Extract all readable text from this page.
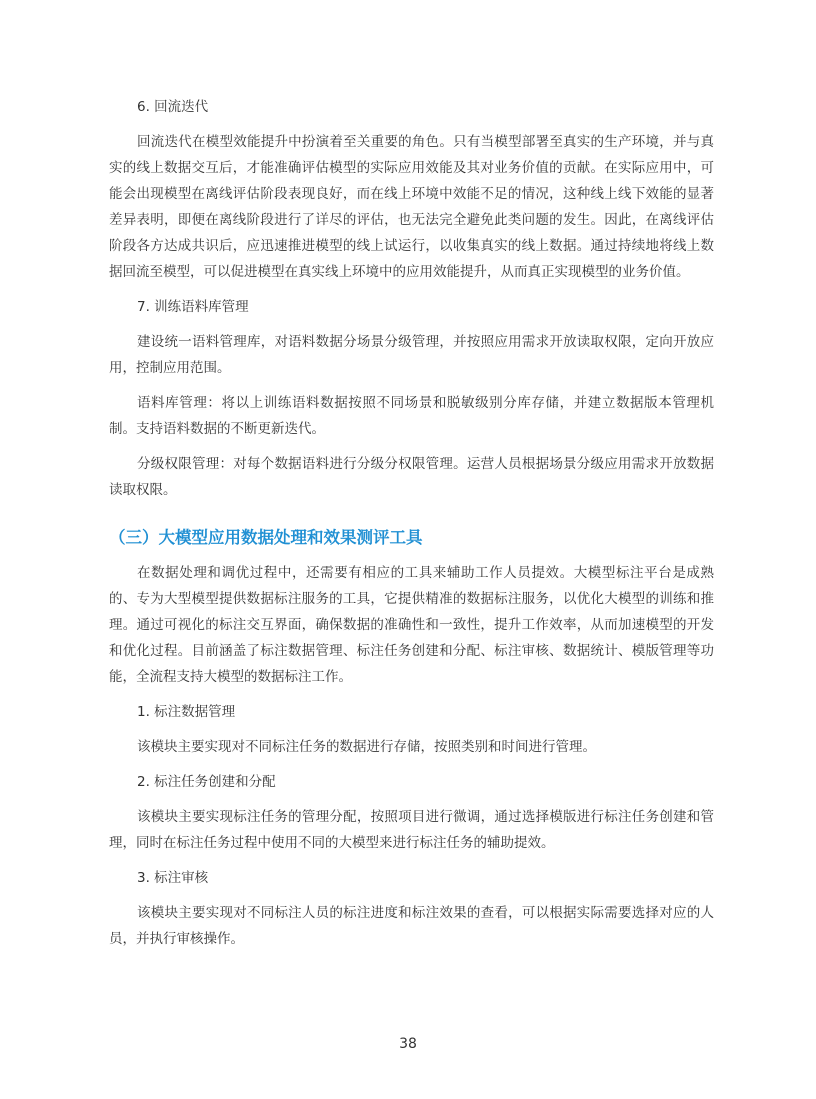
6. 回流迭代

回流迭代在模型效能提升中扮演着至关重要的角色。只有当模型部署至真实的生产环境，并与真实的线上数据交互后，才能准确评估模型的实际应用效能及其对业务价值的贡献。在实际应用中，可能会出现模型在离线评估阶段表现良好，而在线上环境中效能不足的情况，这种线上线下效能的显著差异表明，即便在离线阶段进行了详尽的评估，也无法完全避免此类问题的发生。因此，在离线评估阶段各方达成共识后，应迅速推进模型的线上试运行，以收集真实的线上数据。通过持续地将线上数据回流至模型，可以促进模型在真实线上环境中的应用效能提升，从而真正实现模型的业务价值。

7. 训练语料库管理

建设统一语料管理库，对语料数据分场景分级管理，并按照应用需求开放读取权限，定向开放应用，控制应用范围。

语料库管理：将以上训练语料数据按照不同场景和脱敏级别分库存储，并建立数据版本管理机制。支持语料数据的不断更新迭代。

分级权限管理：对每个数据语料进行分级分权限管理。运营人员根据场景分级应用需求开放数据读取权限。

（三）大模型应用数据处理和效果测评工具

在数据处理和调优过程中，还需要有相应的工具来辅助工作人员提效。大模型标注平台是成熟的、专为大型模型提供数据标注服务的工具，它提供精准的数据标注服务，以优化大模型的训练和推理。通过可视化的标注交互界面，确保数据的准确性和一致性，提升工作效率，从而加速模型的开发和优化过程。目前涵盖了标注数据管理、标注任务创建和分配、标注审核、数据统计、模版管理等功能，全流程支持大模型的数据标注工作。

1. 标注数据管理

该模块主要实现对不同标注任务的数据进行存储，按照类别和时间进行管理。

2. 标注任务创建和分配

该模块主要实现标注任务的管理分配，按照项目进行微调，通过选择模版进行标注任务创建和管理，同时在标注任务过程中使用不同的大模型来进行标注任务的辅助提效。

3. 标注审核

该模块主要实现对不同标注人员的标注进度和标注效果的查看，可以根据实际需要选择对应的人员，并执行审核操作。

38
